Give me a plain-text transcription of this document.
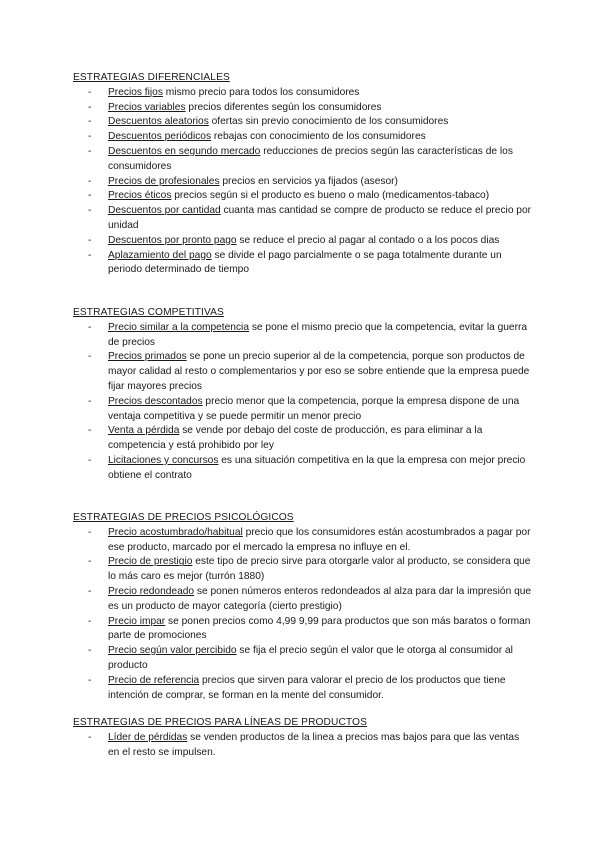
ESTRATEGIAS DIFERENCIALES
- Precios fijos mismo precio para todos los consumidores
- Precios variables precios diferentes según los consumidores
- Descuentos aleatorios ofertas sin previo conocimiento de los consumidores
- Descuentos periódicos rebajas con conocimiento de los consumidores
- Descuentos en segundo mercado reducciones de precios según las características de los consumidores
- Precios de profesionales precios en servicios ya fijados (asesor)
- Precios éticos precios según si el producto es bueno o malo (medicamentos-tabaco)
- Descuentos por cantidad cuanta mas cantidad se compre de producto se reduce el precio por unidad
- Descuentos por pronto pago se reduce el precio al pagar al contado o a los pocos dias
- Aplazamiento del pago se divide el pago parcialmente o se paga totalmente durante un periodo determinado de tiempo
ESTRATEGIAS COMPETITIVAS
- Precio similar a la competencia se pone el mismo precio que la competencia, evitar la guerra de precios
- Precios primados se pone un precio superior al de la competencia, porque son productos de mayor calidad al resto o complementarios y por eso se sobre entiende que la empresa puede fijar mayores precios
- Precios descontados precio menor que la competencia, porque la empresa dispone de una ventaja competitiva y se puede permitir un menor precio
- Venta a pérdida se vende por debajo del coste de producción, es para eliminar a la competencia y está prohibido por ley
- Licitaciones y concursos es una situación competitiva en la que la empresa con mejor precio obtiene el contrato
ESTRATEGIAS DE PRECIOS PSICOLÓGICOS
- Precio acostumbrado/habitual precio que los consumidores están acostumbrados a pagar por ese producto, marcado por el mercado la empresa no influye en el.
- Precio de prestigio este tipo de precio sirve para otorgarle valor al producto, se considera que lo más caro es mejor (turrón 1880)
- Precio redondeado se ponen números enteros redondeados al alza para dar la impresión que es un producto de mayor categoría (cierto prestigio)
- Precio impar se ponen precios como 4,99 9,99 para productos que son más baratos o forman parte de promociones
- Precio según valor percibido se fija el precio según el valor que le otorga al consumidor al producto
- Precio de referencia precios que sirven para valorar el precio de los productos que tiene intención de comprar, se forman en la mente del consumidor.
ESTRATEGIAS DE PRECIOS PARA LÍNEAS DE PRODUCTOS
- Líder de pérdidas se venden productos de la linea a precios mas bajos para que las ventas en el resto se impulsen.
